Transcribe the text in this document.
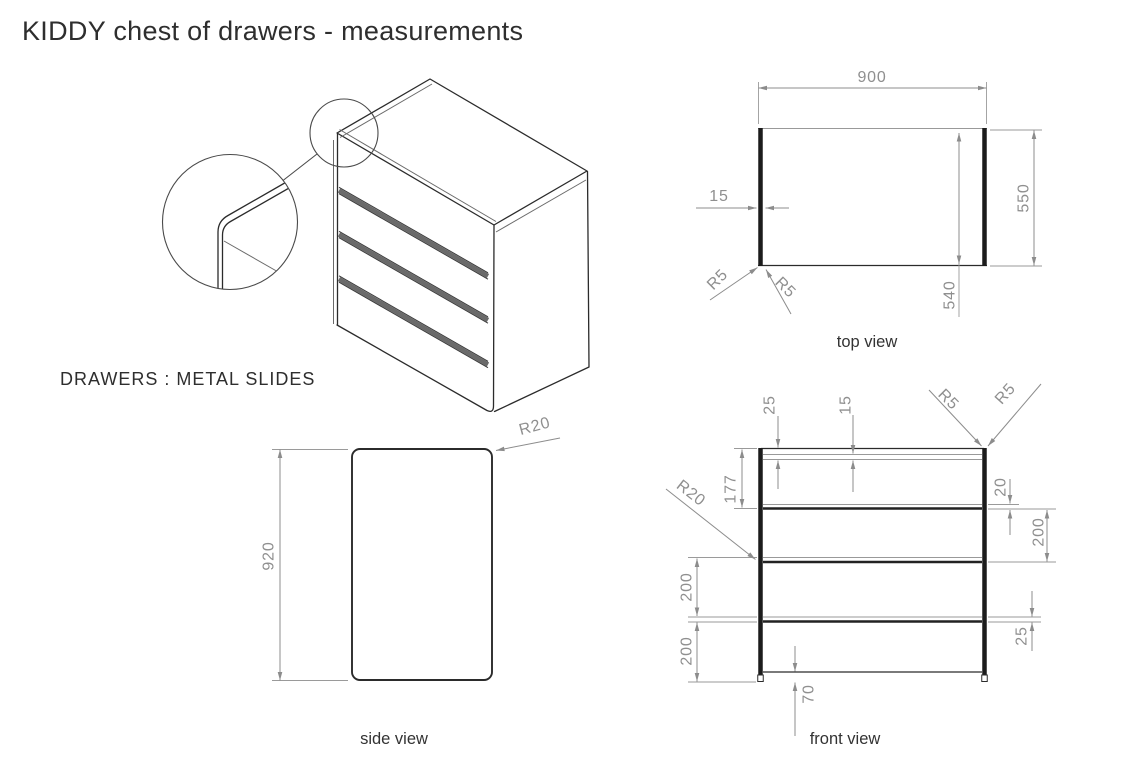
KIDDY chest of drawers - measurements
DRAWERS : METAL SLIDES
900
15	550
540
R5 R5
top view
920
R20
side view
25	15
177
R20
200
200
70
20
200
25
R5 R5
front view
